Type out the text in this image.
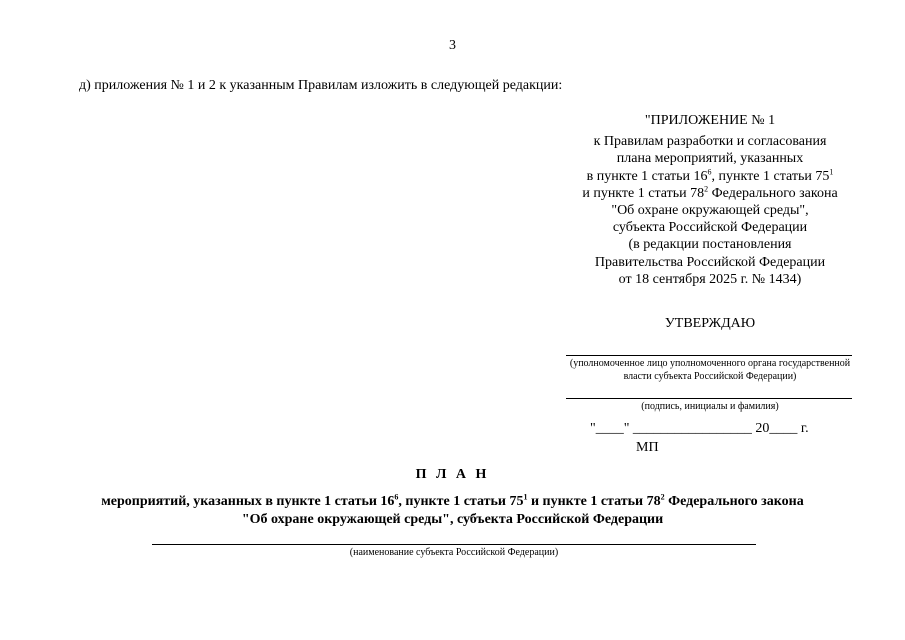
3
д) приложения № 1 и 2 к указанным Правилам изложить в следующей редакции:
"ПРИЛОЖЕНИЕ № 1
к Правилам разработки и согласования
плана мероприятий, указанных
в пункте 1 статьи $16^6$, пункте 1 статьи $75^1$
и пункте 1 статьи $78^2$ Федерального закона
"Об охране окружающей среды",
субъекта Российской Федерации
(в редакции постановления
Правительства Российской Федерации
от 18 сентября 2025 г. № 1434)
УТВЕРЖДАЮ
(уполномоченное лицо уполномоченного органа государственной власти субъекта Российской Федерации)
(подпись, инициалы и фамилия)
"____" _________________ 20____ г.
МП
П Л А Н
мероприятий, указанных в пункте 1 статьи $16^6$, пункте 1 статьи $75^1$ и пункте 1 статьи $78^2$ Федерального закона
"Об охране окружающей среды", субъекта Российской Федерации
(наименование субъекта Российской Федерации)
